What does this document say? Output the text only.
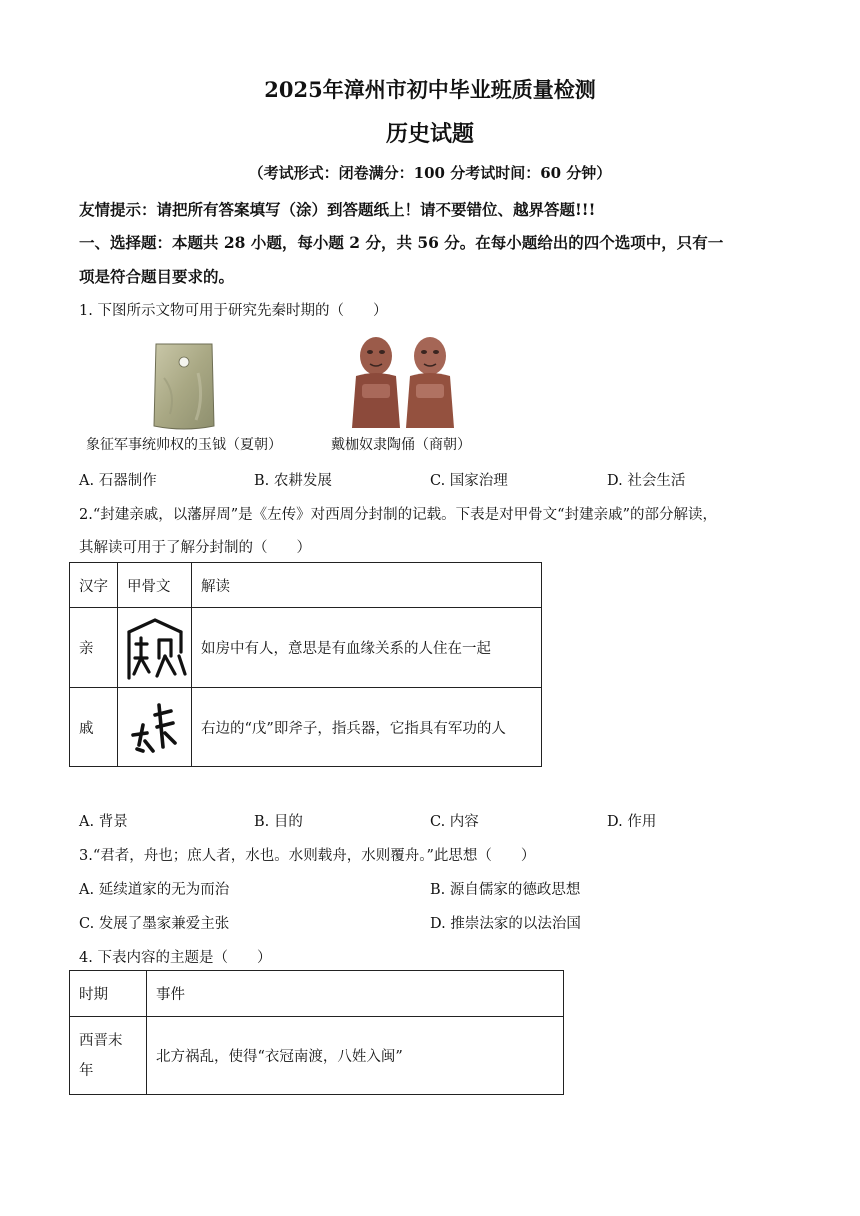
2025年漳州市初中毕业班质量检测
历史试题
（考试形式：闭卷满分：100 分考试时间：60 分钟）
友情提示：请把所有答案填写（涂）到答题纸上！请不要错位、越界答题!!!
一、选择题：本题共 28 小题，每小题 2 分，共 56 分。在每小题给出的四个选项中，只有一
项是符合题目要求的。
1. 下图所示文物可用于研究先秦时期的（　　）
象征军事统帅权的玉钺（夏朝）	戴枷奴隶陶俑（商朝）
A. 石器制作	B. 农耕发展	C. 国家治理	D. 社会生活
2.“封建亲戚，以藩屏周”是《左传》对西周分封制的记载。下表是对甲骨文“封建亲戚”的部分解读，
其解读可用于了解分封制的（　　）
汉字	甲骨文	解读
亲		如房中有人，意思是有血缘关系的人住在一起
戚		右边的“戊”即斧子，指兵器，它指具有军功的人
A. 背景	B. 目的	C. 内容	D. 作用
3.“君者，舟也；庶人者，水也。水则载舟，水则覆舟。”此思想（　　）
A. 延续道家的无为而治	B. 源自儒家的德政思想
C. 发展了墨家兼爱主张	D. 推崇法家的以法治国
4. 下表内容的主题是（　　）
时期	事件
西晋末
年	北方祸乱，使得“衣冠南渡，八姓入闽”
